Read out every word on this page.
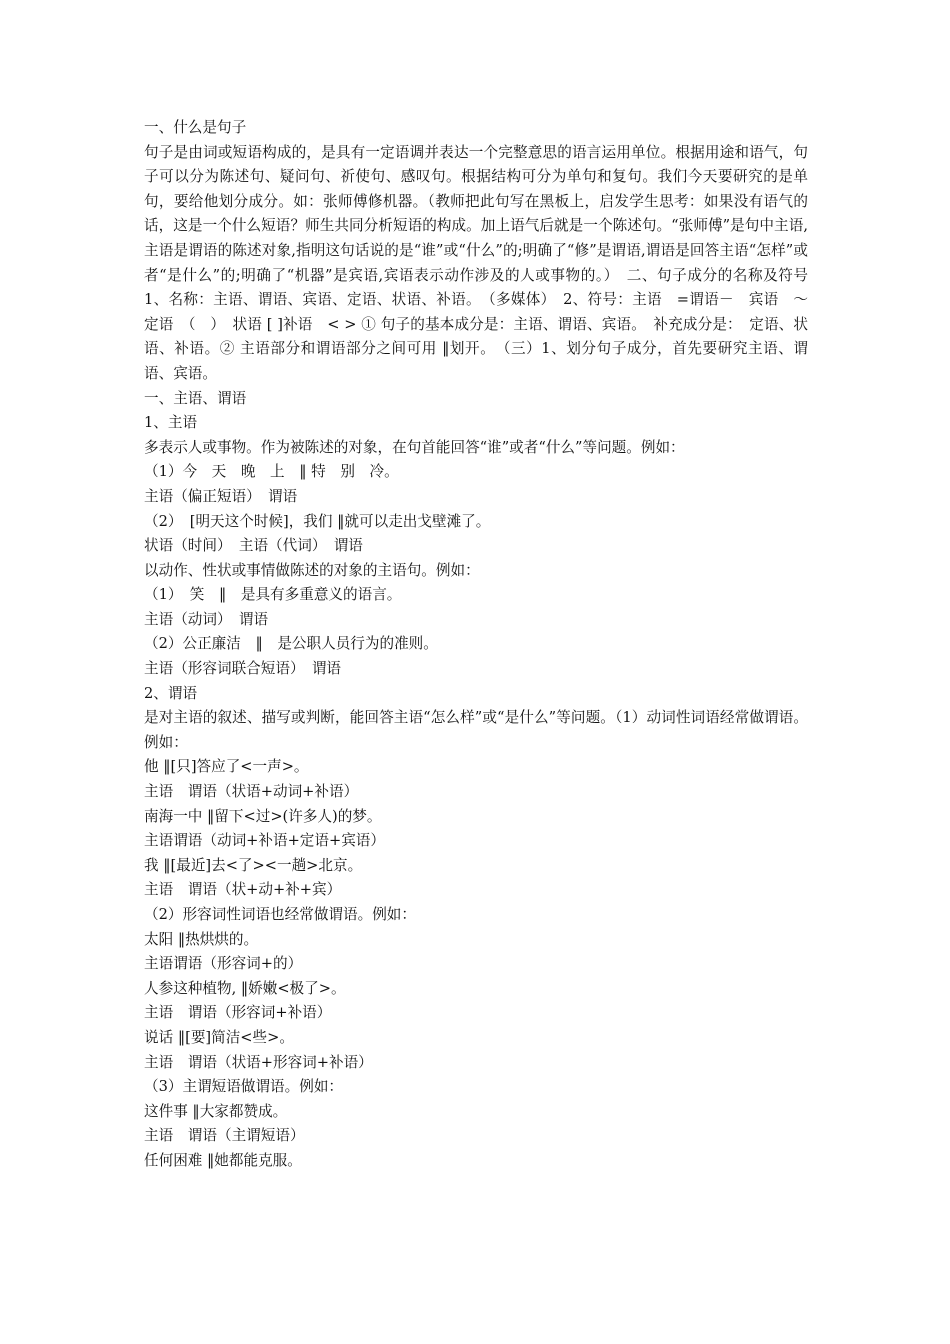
一、什么是句子
句子是由词或短语构成的，是具有一定语调并表达一个完整意思的语言运用单位。根据用途和语气，句子可以分为陈述句、疑问句、祈使句、感叹句。根据结构可分为单句和复句。我们今天要研究的是单句，要给他划分成分。如：张师傅修机器。（教师把此句写在黑板上，启发学生思考：如果没有语气的话，这是一个什么短语？师生共同分析短语的构成。加上语气后就是一个陈述句。“张师傅”是句中主语,主语是谓语的陈述对象,指明这句话说的是“谁”或“什么”的;明确了“修”是谓语,谓语是回答主语“怎样”或者“是什么”的;明确了“机器”是宾语,宾语表示动作涉及的人或事物的。）　二、句子成分的名称及符号　1、名称：主语、谓语、宾语、定语、状语、补语。　（多媒体）　2、符号：主语　=谓语－　宾语　～　定语　（　）　状语 [ ]补语　< > ① 句子的基本成分是：主语、谓语、宾语。　补充成分是：　定语、状语、补语。② 主语部分和谓语部分之间可用 ‖划开。　（三）1、划分句子成分，首先要研究主语、谓语、宾语。
一、主语、谓语
1、主语
多表示人或事物。作为被陈述的对象，在句首能回答“谁”或者“什么”等问题。例如：
（1）今　天　晚　上　‖ 特　别　冷。
主语（偏正短语）　谓语
（2）　[明天这个时候]，我们 ‖就可以走出戈壁滩了。
状语（时间）　主语（代词）　谓语
以动作、性状或事情做陈述的对象的主语句。例如：
（1）　笑　‖　是具有多重意义的语言。
主语（动词）　谓语
（2）公正廉洁　‖　是公职人员行为的准则。
主语（形容词联合短语）　谓语
2、谓语
是对主语的叙述、描写或判断，能回答主语“怎么样”或“是什么”等问题。（1）动词性词语经常做谓语。例如：
他 ‖[只]答应了<一声>。
主语　谓语（状语+动词+补语）
南海一中 ‖留下<过>(许多人)的梦。
主语谓语（动词+补语+定语+宾语）
我 ‖[最近]去<了><一趟>北京。
主语　谓语（状+动+补+宾）
（2）形容词性词语也经常做谓语。例如：
太阳 ‖热烘烘的。
主语谓语（形容词+的）
人参这种植物, ‖娇嫩<极了>。
主语　谓语（形容词+补语）
说话 ‖[要]简洁<些>。
主语　谓语（状语+形容词+补语）
（3）主谓短语做谓语。例如：
这件事 ‖大家都赞成。
主语　谓语（主谓短语）
任何困难 ‖她都能克服。
